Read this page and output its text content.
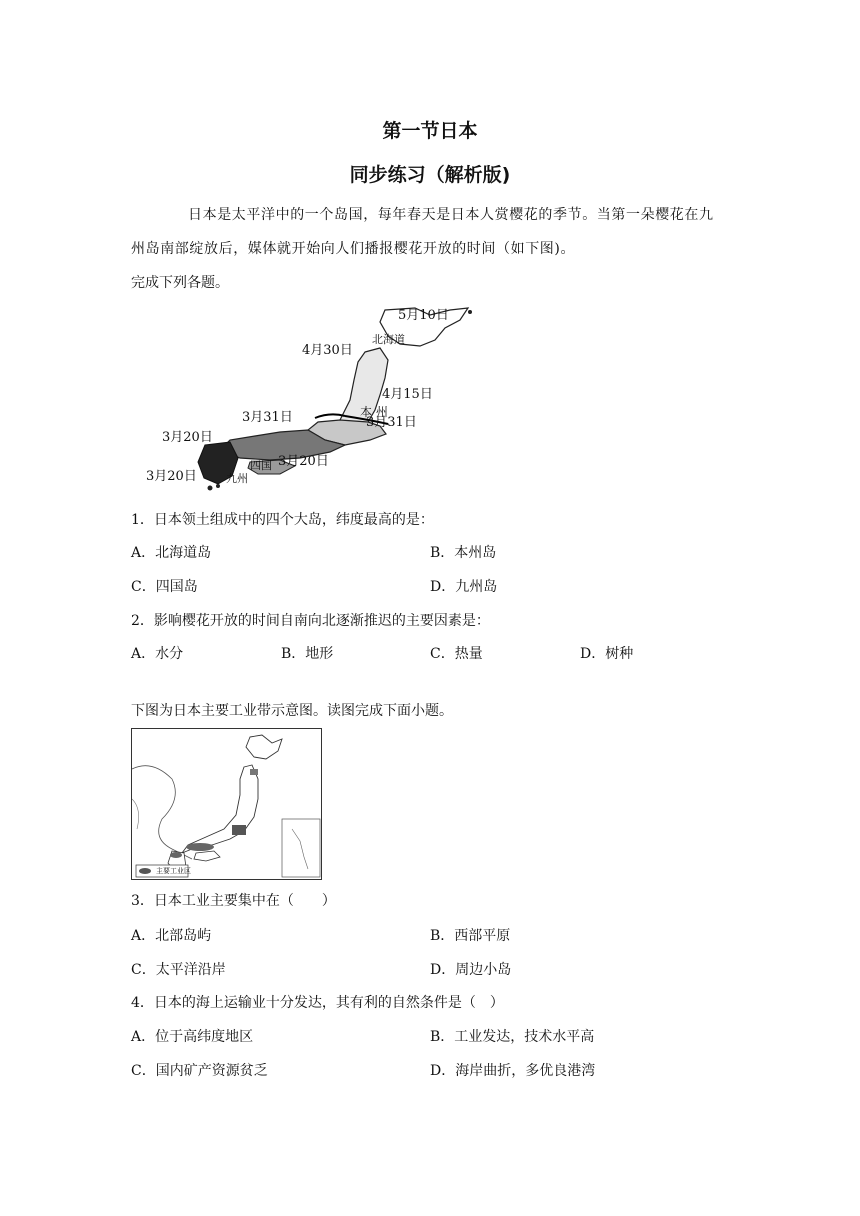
第一节日本
同步练习（解析版)
日本是太平洋中的一个岛国，每年春天是日本人赏樱花的季节。当第一朵樱花在九
州岛南部绽放后，媒体就开始向人们播报樱花开放的时间（如下图)。
完成下列各题。
5月10日
4月30日
4月15日
3月31日	3月31日
3月20日
3月20日
3月20日
北海道
本 州
四国
九州
1．日本领土组成中的四个大岛，纬度最高的是：
A．北海道岛	B．本州岛
C．四国岛	D．九州岛
2．影响樱花开放的时间自南向北逐渐推迟的主要因素是：
A．水分	B．地形	C．热量	D．树种
下图为日本主要工业带示意图。读图完成下面小题。
主要工业区
3．日本工业主要集中在（　　）
A．北部岛屿	B．西部平原
C．太平洋沿岸	D．周边小岛
4．日本的海上运输业十分发达，其有利的自然条件是（　）
A．位于高纬度地区	B．工业发达，技术水平高
C．国内矿产资源贫乏	D．海岸曲折，多优良港湾
